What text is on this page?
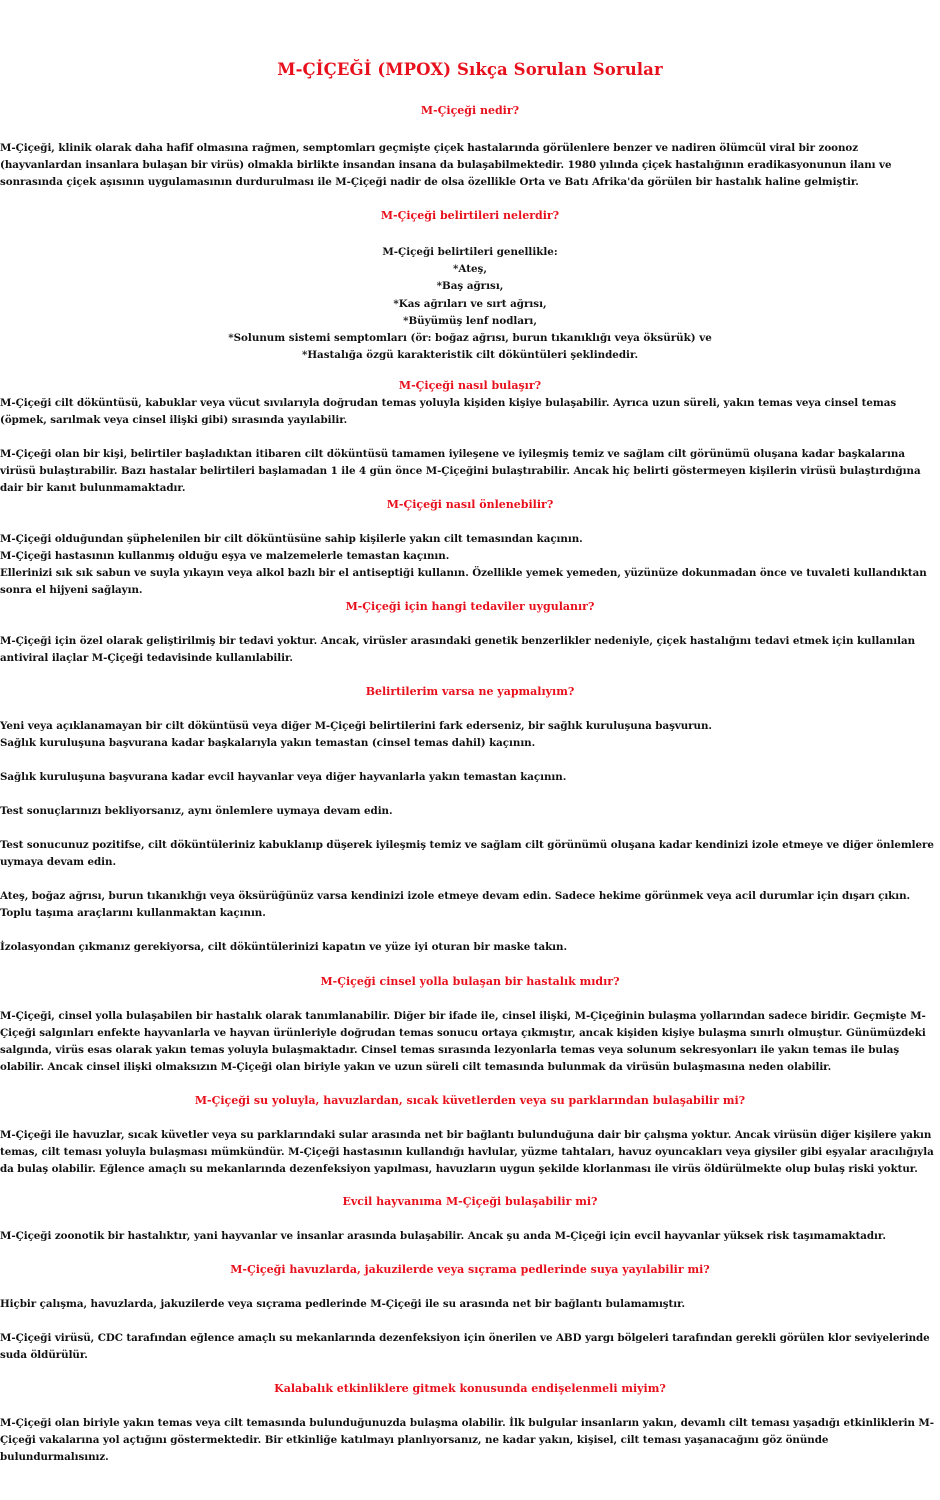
M-ÇİÇEĞİ (MPOX) Sıkça Sorulan Sorular
M-Çiçeği nedir?

M-Çiçeği, klinik olarak daha hafif olmasına rağmen, semptomları geçmişte çiçek hastalarında görülenlere benzer ve nadiren ölümcül viral bir zoonoz (hayvanlardan insanlara bulaşan bir virüs) olmakla birlikte insandan insana da bulaşabilmektedir. 1980 yılında çiçek hastalığının eradikasyonunun ilanı ve sonrasında çiçek aşısının uygulamasının durdurulması ile M-Çiçeği nadir de olsa özellikle Orta ve Batı Afrika'da görülen bir hastalık haline gelmiştir.

M-Çiçeği belirtileri nelerdir?
M-Çiçeği belirtileri genellikle:
*Ateş,
*Baş ağrısı,
*Kas ağrıları ve sırt ağrısı,
*Büyümüş lenf nodları,
*Solunum sistemi semptomları (ör: boğaz ağrısı, burun tıkanıklığı veya öksürük) ve
*Hastalığa özgü karakteristik cilt döküntüleri şeklindedir.
M-Çiçeği nasıl bulaşır?

M-Çiçeği cilt döküntüsü, kabuklar veya vücut sıvılarıyla doğrudan temas yoluyla kişiden kişiye bulaşabilir. Ayrıca uzun süreli, yakın temas veya cinsel temas (öpmek, sarılmak veya cinsel ilişki gibi) sırasında yayılabilir.

M-Çiçeği olan bir kişi, belirtiler başladıktan itibaren cilt döküntüsü tamamen iyileşene ve iyileşmiş temiz ve sağlam cilt görünümü oluşana kadar başkalarına virüsü bulaştırabilir. Bazı hastalar belirtileri başlamadan 1 ile 4 gün önce M-Çiçeğini bulaştırabilir. Ancak hiç belirti göstermeyen kişilerin virüsü bulaştırdığına dair bir kanıt bulunmamaktadır.

M-Çiçeği nasıl önlenebilir?

M-Çiçeği olduğundan şüphelenilen bir cilt döküntüsüne sahip kişilerle yakın cilt temasından kaçının.

M-Çiçeği hastasının kullanmış olduğu eşya ve malzemelerle temastan kaçının.

Ellerinizi sık sık sabun ve suyla yıkayın veya alkol bazlı bir el antiseptiği kullanın. Özellikle yemek yemeden, yüzünüze dokunmadan önce ve tuvaleti kullandıktan sonra el hijyeni sağlayın.

M-Çiçeği için hangi tedaviler uygulanır?

M-Çiçeği için özel olarak geliştirilmiş bir tedavi yoktur. Ancak, virüsler arasındaki genetik benzerlikler nedeniyle, çiçek hastalığını tedavi etmek için kullanılan antiviral ilaçlar M-Çiçeği tedavisinde kullanılabilir.

Belirtilerim varsa ne yapmalıyım?

Yeni veya açıklanamayan bir cilt döküntüsü veya diğer M-Çiçeği belirtilerini fark ederseniz, bir sağlık kuruluşuna başvurun.

Sağlık kuruluşuna başvurana kadar başkalarıyla yakın temastan (cinsel temas dahil) kaçının.

Sağlık kuruluşuna başvurana kadar evcil hayvanlar veya diğer hayvanlarla yakın temastan kaçının.

Test sonuçlarınızı bekliyorsanız, aynı önlemlere uymaya devam edin.

Test sonucunuz pozitifse, cilt döküntüleriniz kabuklanıp düşerek iyileşmiş temiz ve sağlam cilt görünümü oluşana kadar kendinizi izole etmeye ve diğer önlemlere uymaya devam edin.

Ateş, boğaz ağrısı, burun tıkanıklığı veya öksürüğünüz varsa kendinizi izole etmeye devam edin. Sadece hekime görünmek veya acil durumlar için dışarı çıkın. Toplu taşıma araçlarını kullanmaktan kaçının.

İzolasyondan çıkmanız gerekiyorsa, cilt döküntülerinizi kapatın ve yüze iyi oturan bir maske takın.

M-Çiçeği cinsel yolla bulaşan bir hastalık mıdır?

M-Çiçeği, cinsel yolla bulaşabilen bir hastalık olarak tanımlanabilir. Diğer bir ifade ile, cinsel ilişki, M-Çiçeğinin bulaşma yollarından sadece biridir. Geçmişte M-Çiçeği salgınları enfekte hayvanlarla ve hayvan ürünleriyle doğrudan temas sonucu ortaya çıkmıştır, ancak kişiden kişiye bulaşma sınırlı olmuştur. Günümüzdeki salgında, virüs esas olarak yakın temas yoluyla bulaşmaktadır. Cinsel temas sırasında lezyonlarla temas veya solunum sekresyonları ile yakın temas ile bulaş olabilir. Ancak cinsel ilişki olmaksızın M-Çiçeği olan biriyle yakın ve uzun süreli cilt temasında bulunmak da virüsün bulaşmasına neden olabilir.

M-Çiçeği su yoluyla, havuzlardan, sıcak küvetlerden veya su parklarından bulaşabilir mi?

M-Çiçeği ile havuzlar, sıcak küvetler veya su parklarındaki sular arasında net bir bağlantı bulunduğuna dair bir çalışma yoktur. Ancak virüsün diğer kişilere yakın temas, cilt teması yoluyla bulaşması mümkündür. M-Çiçeği hastasının kullandığı havlular, yüzme tahtaları, havuz oyuncakları veya giysiler gibi eşyalar aracılığıyla da bulaş olabilir. Eğlence amaçlı su mekanlarında dezenfeksiyon yapılması, havuzların uygun şekilde klorlanması ile virüs öldürülmekte olup bulaş riski yoktur.

Evcil hayvanıma M-Çiçeği bulaşabilir mi?

M-Çiçeği zoonotik bir hastalıktır, yani hayvanlar ve insanlar arasında bulaşabilir. Ancak şu anda M-Çiçeği için evcil hayvanlar yüksek risk taşımamaktadır.

M-Çiçeği havuzlarda, jakuzilerde veya sıçrama pedlerinde suya yayılabilir mi?

Hiçbir çalışma, havuzlarda, jakuzilerde veya sıçrama pedlerinde M-Çiçeği ile su arasında net bir bağlantı bulamamıştır.

M-Çiçeği virüsü, CDC tarafından eğlence amaçlı su mekanlarında dezenfeksiyon için önerilen ve ABD yargı bölgeleri tarafından gerekli görülen klor seviyelerinde suda öldürülür.

Kalabalık etkinliklere gitmek konusunda endişelenmeli miyim?

M-Çiçeği olan biriyle yakın temas veya cilt temasında bulunduğunuzda bulaşma olabilir. İlk bulgular insanların yakın, devamlı cilt teması yaşadığı etkinliklerin M-Çiçeği vakalarına yol açtığını göstermektedir. Bir etkinliğe katılmayı planlıyorsanız, ne kadar yakın, kişisel, cilt teması yaşanacağını göz önünde bulundurmalısınız.
